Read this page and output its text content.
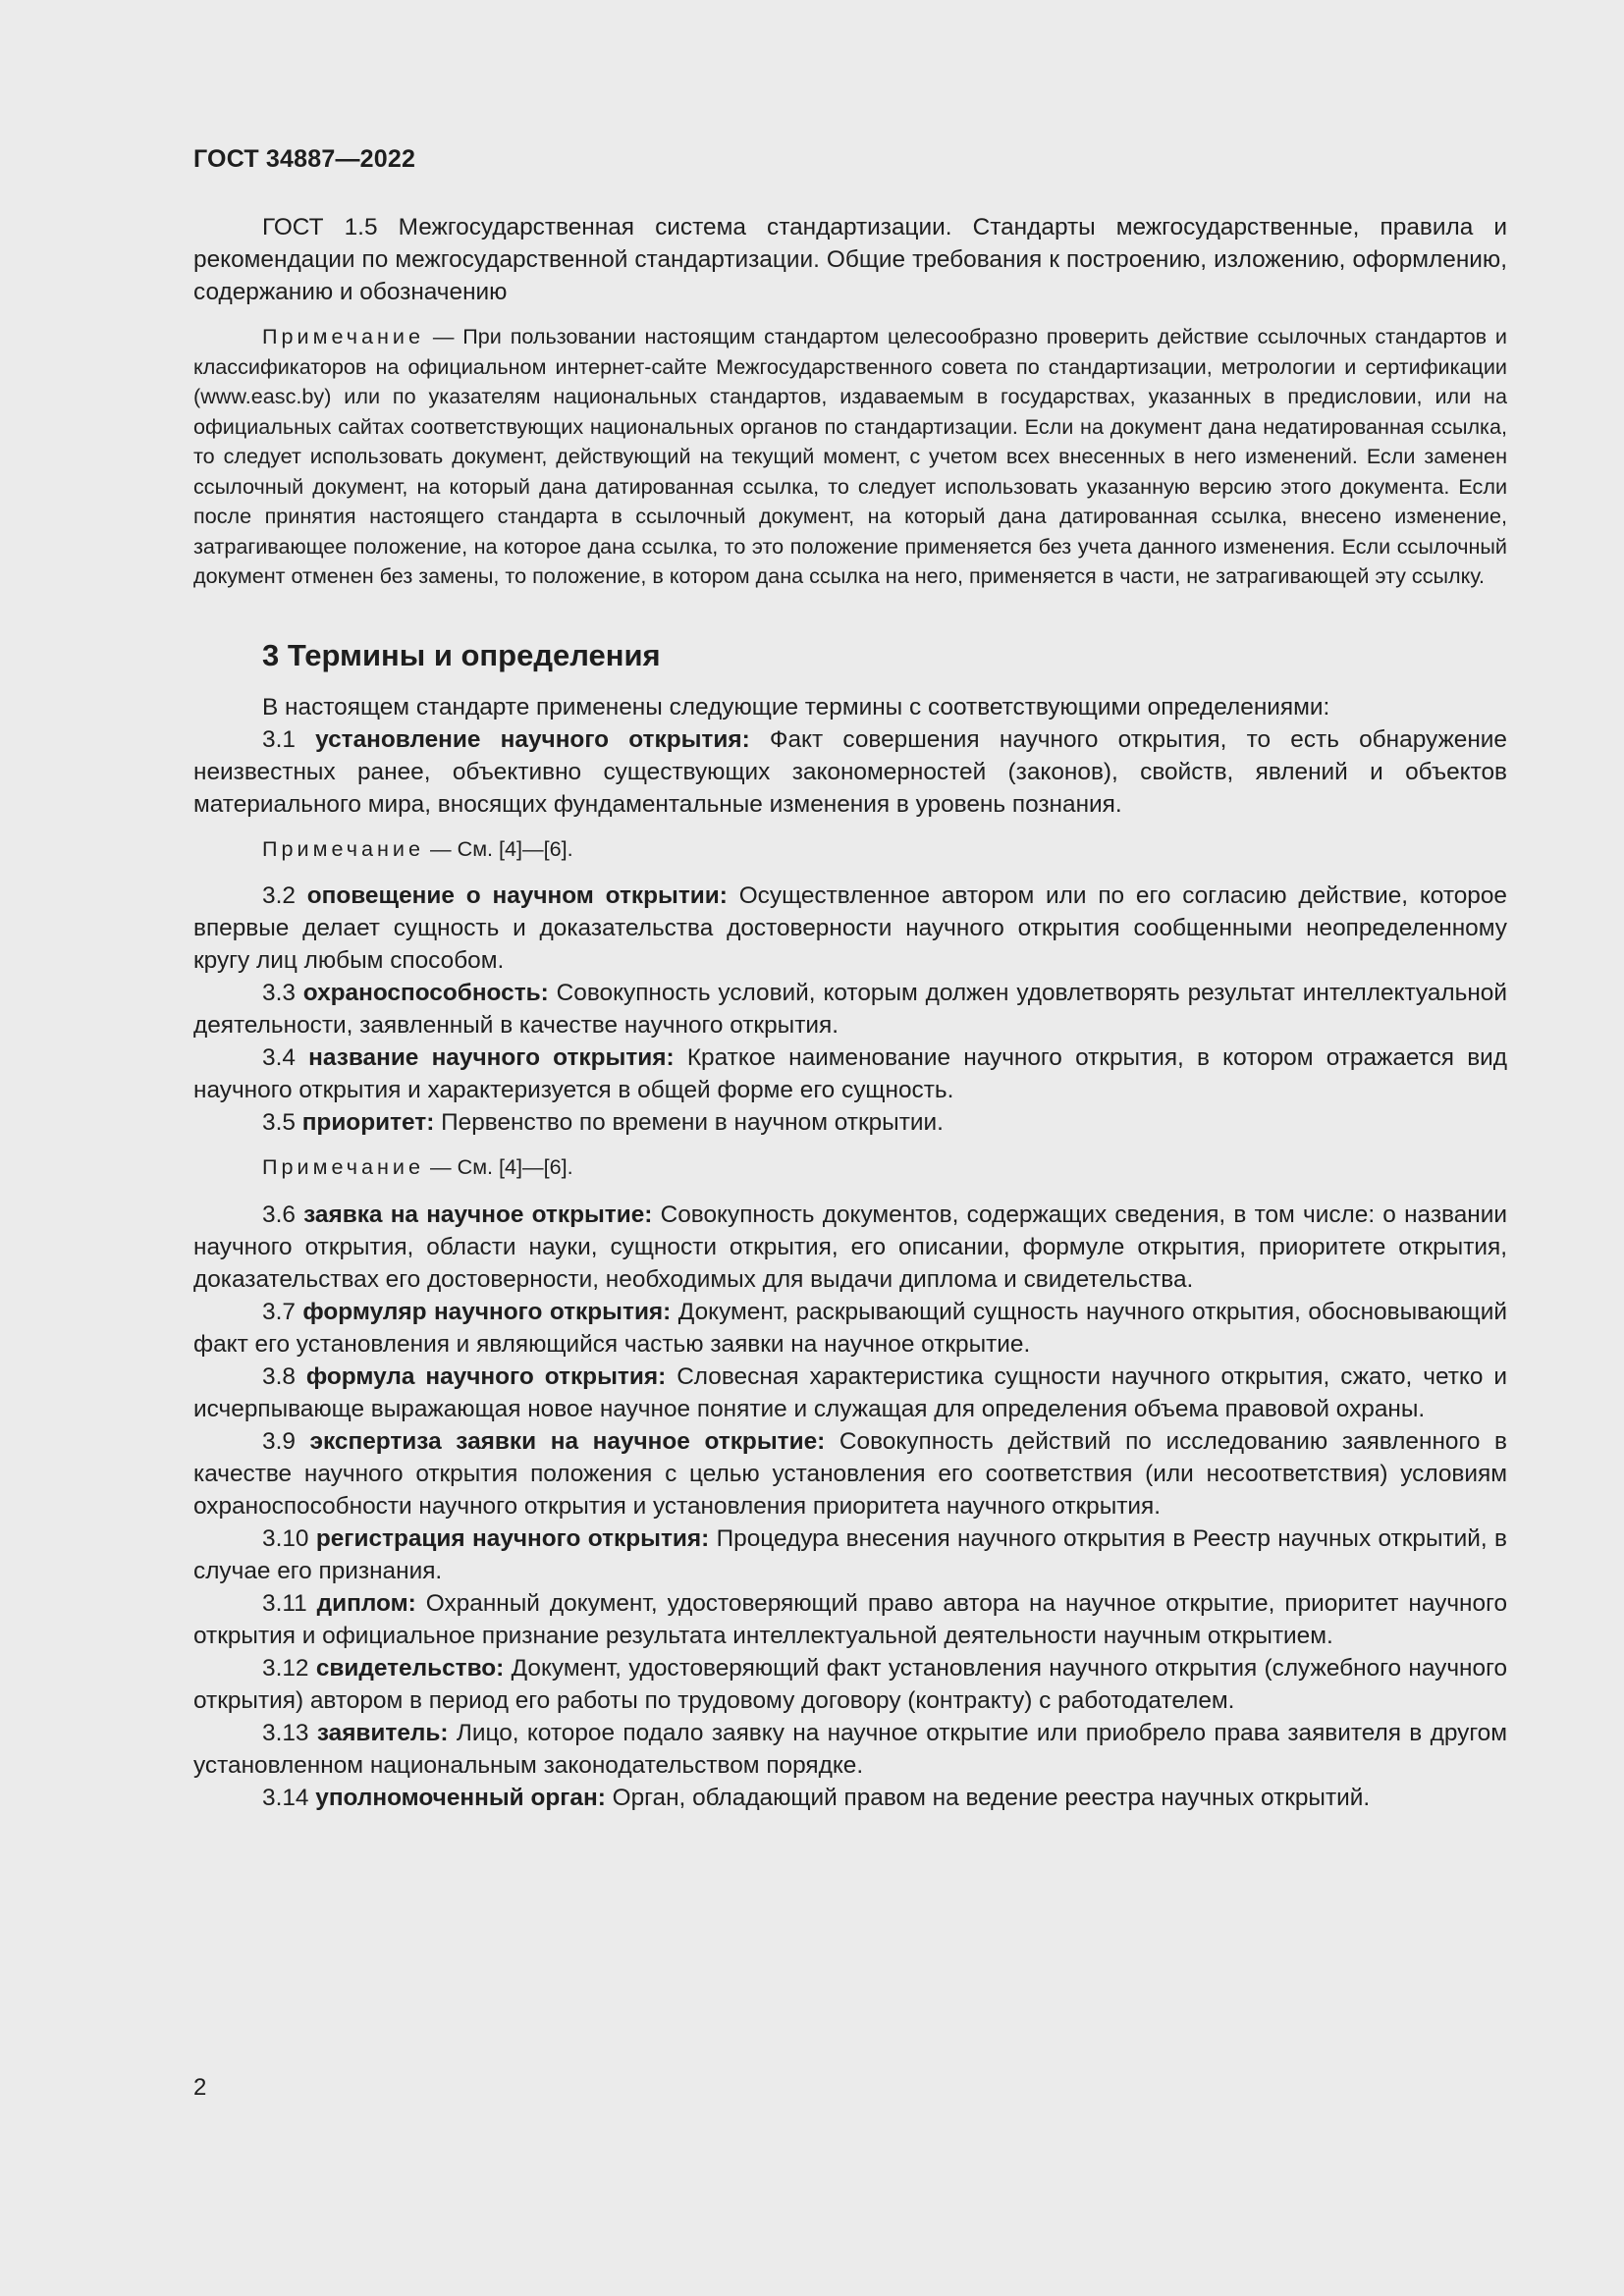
ГОСТ 34887—2022

ГОСТ 1.5 Межгосударственная система стандартизации. Стандарты межгосударственные, правила и рекомендации по межгосударственной стандартизации. Общие требования к построению, изложению, оформлению, содержанию и обозначению

Примечание — При пользовании настоящим стандартом целесообразно проверить действие ссылочных стандартов и классификаторов на официальном интернет-сайте Межгосударственного совета по стандартизации, метрологии и сертификации (www.easc.by) или по указателям национальных стандартов, издаваемым в государствах, указанных в предисловии, или на официальных сайтах соответствующих национальных органов по стандартизации. Если на документ дана недатированная ссылка, то следует использовать документ, действующий на текущий момент, с учетом всех внесенных в него изменений. Если заменен ссылочный документ, на который дана датированная ссылка, то следует использовать указанную версию этого документа. Если после принятия настоящего стандарта в ссылочный документ, на который дана датированная ссылка, внесено изменение, затрагивающее положение, на которое дана ссылка, то это положение применяется без учета данного изменения. Если ссылочный документ отменен без замены, то положение, в котором дана ссылка на него, применяется в части, не затрагивающей эту ссылку.

3 Термины и определения

В настоящем стандарте применены следующие термины с соответствующими определениями:

3.1 установление научного открытия: Факт совершения научного открытия, то есть обнаружение неизвестных ранее, объективно существующих закономерностей (законов), свойств, явлений и объектов материального мира, вносящих фундаментальные изменения в уровень познания.

Примечание — См. [4]—[6].

3.2 оповещение о научном открытии: Осуществленное автором или по его согласию действие, которое впервые делает сущность и доказательства достоверности научного открытия сообщенными неопределенному кругу лиц любым способом.

3.3 охраноспособность: Совокупность условий, которым должен удовлетворять результат интеллектуальной деятельности, заявленный в качестве научного открытия.

3.4 название научного открытия: Краткое наименование научного открытия, в котором отражается вид научного открытия и характеризуется в общей форме его сущность.

3.5 приоритет: Первенство по времени в научном открытии.

Примечание — См. [4]—[6].

3.6 заявка на научное открытие: Совокупность документов, содержащих сведения, в том числе: о названии научного открытия, области науки, сущности открытия, его описании, формуле открытия, приоритете открытия, доказательствах его достоверности, необходимых для выдачи диплома и свидетельства.

3.7 формуляр научного открытия: Документ, раскрывающий сущность научного открытия, обосновывающий факт его установления и являющийся частью заявки на научное открытие.

3.8 формула научного открытия: Словесная характеристика сущности научного открытия, сжато, четко и исчерпывающе выражающая новое научное понятие и служащая для определения объема правовой охраны.

3.9 экспертиза заявки на научное открытие: Совокупность действий по исследованию заявленного в качестве научного открытия положения с целью установления его соответствия (или несоответствия) условиям охраноспособности научного открытия и установления приоритета научного открытия.

3.10 регистрация научного открытия: Процедура внесения научного открытия в Реестр научных открытий, в случае его признания.

3.11 диплом: Охранный документ, удостоверяющий право автора на научное открытие, приоритет научного открытия и официальное признание результата интеллектуальной деятельности научным открытием.

3.12 свидетельство: Документ, удостоверяющий факт установления научного открытия (служебного научного открытия) автором в период его работы по трудовому договору (контракту) с работодателем.

3.13 заявитель: Лицо, которое подало заявку на научное открытие или приобрело права заявителя в другом установленном национальным законодательством порядке.

3.14 уполномоченный орган: Орган, обладающий правом на ведение реестра научных открытий.

2
